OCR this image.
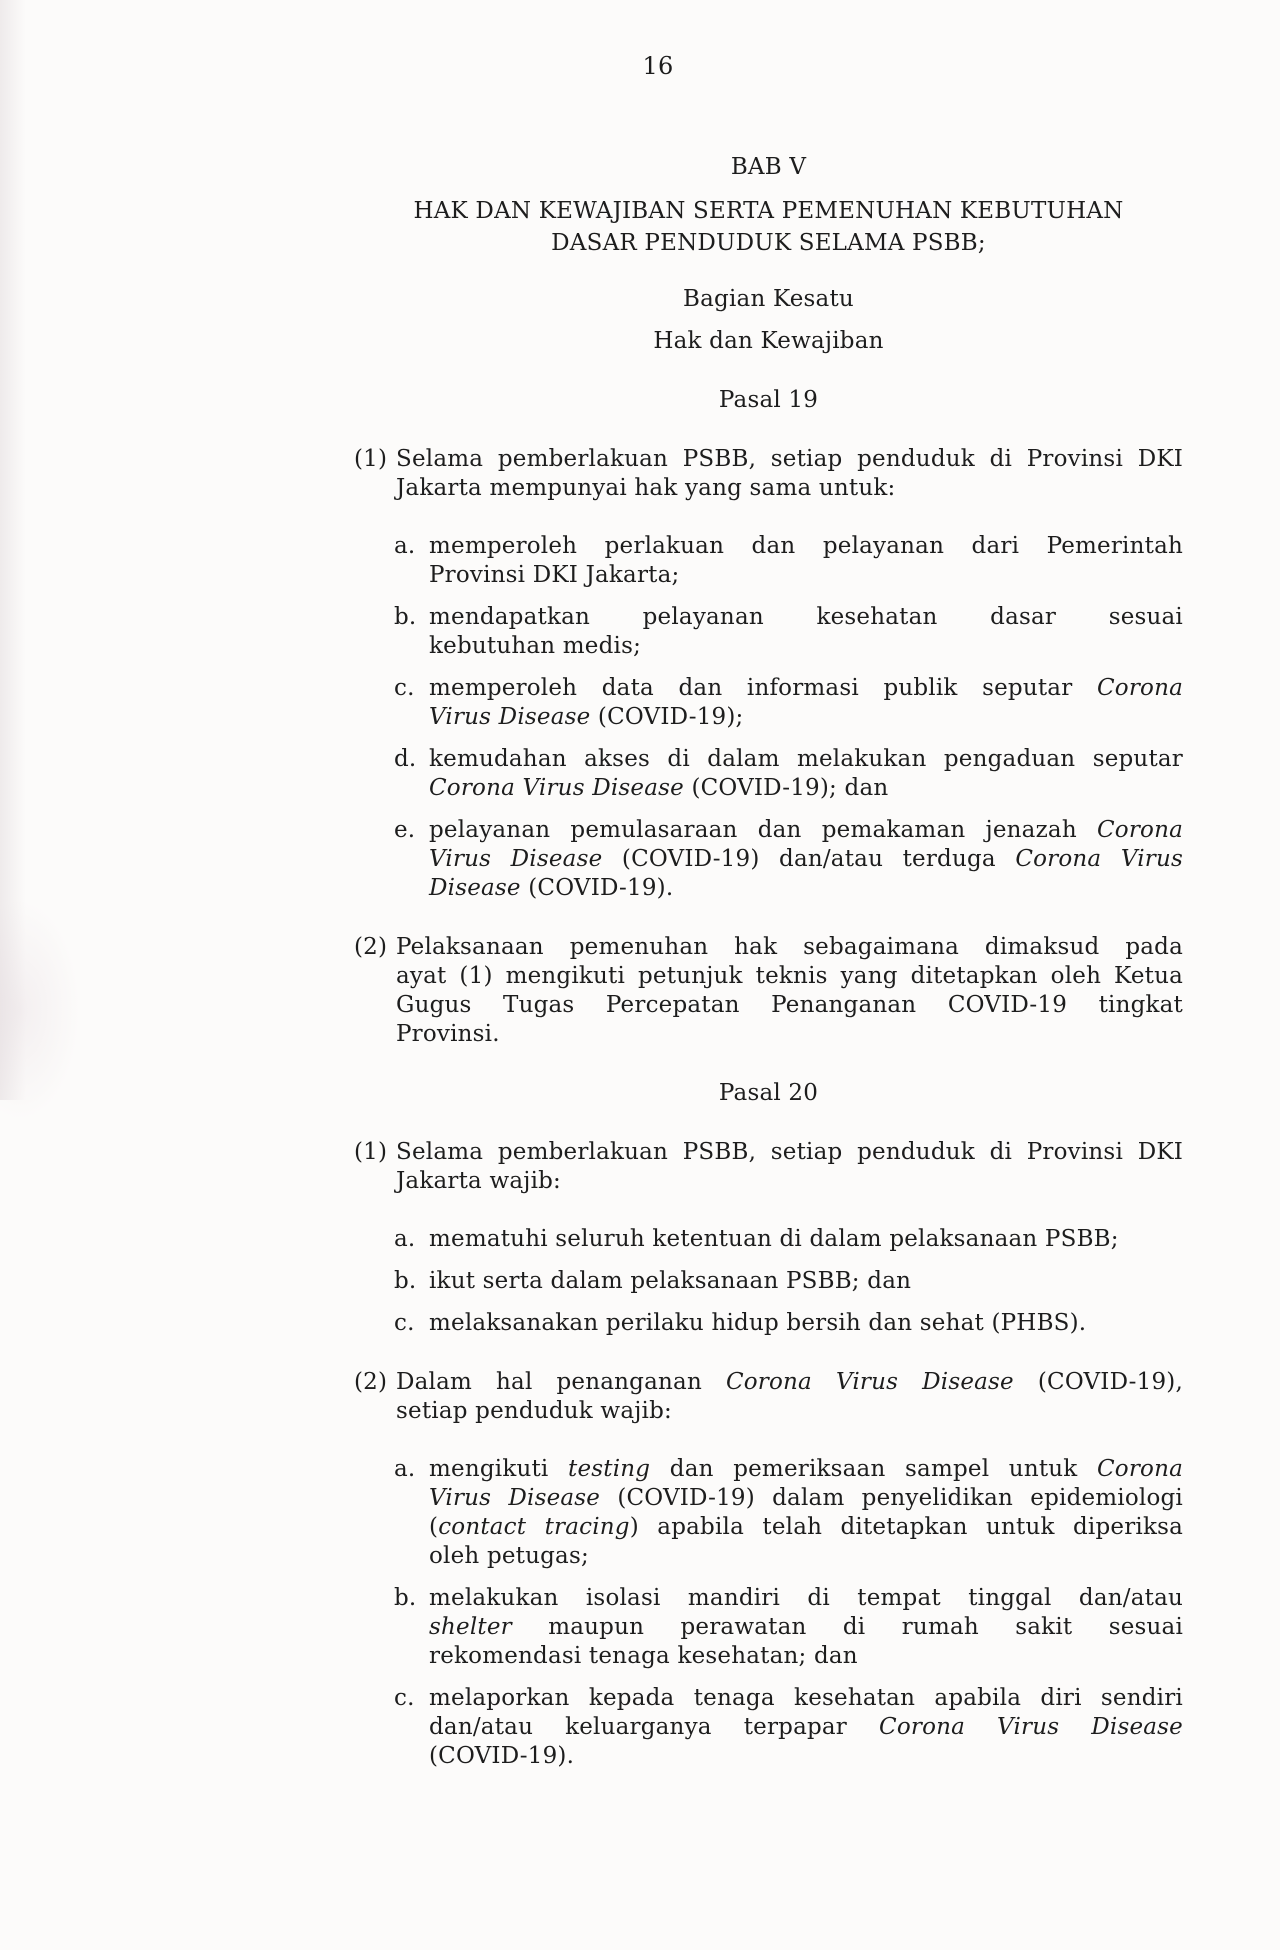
16
BAB V
HAK DAN KEWAJIBAN SERTA PEMENUHAN KEBUTUHAN
DASAR PENDUDUK SELAMA PSBB;
Bagian Kesatu
Hak dan Kewajiban
Pasal 19
(1) Selama pemberlakuan PSBB, setiap penduduk di Provinsi DKI
Jakarta mempunyai hak yang sama untuk:
a. memperoleh perlakuan dan pelayanan dari Pemerintah
Provinsi DKI Jakarta;
b. mendapatkan pelayanan kesehatan dasar sesuai
kebutuhan medis;
c. memperoleh data dan informasi publik seputar Corona
Virus Disease (COVID-19);
d. kemudahan akses di dalam melakukan pengaduan seputar
Corona Virus Disease (COVID-19); dan
e. pelayanan pemulasaraan dan pemakaman jenazah Corona
Virus Disease (COVID-19) dan/atau terduga Corona Virus
Disease (COVID-19).
(2) Pelaksanaan pemenuhan hak sebagaimana dimaksud pada
ayat (1) mengikuti petunjuk teknis yang ditetapkan oleh Ketua
Gugus Tugas Percepatan Penanganan COVID-19 tingkat
Provinsi.
Pasal 20
(1) Selama pemberlakuan PSBB, setiap penduduk di Provinsi DKI
Jakarta wajib:
a. mematuhi seluruh ketentuan di dalam pelaksanaan PSBB;
b. ikut serta dalam pelaksanaan PSBB; dan
c. melaksanakan perilaku hidup bersih dan sehat (PHBS).
(2) Dalam hal penanganan Corona Virus Disease (COVID-19),
setiap penduduk wajib:
a. mengikuti testing dan pemeriksaan sampel untuk Corona
Virus Disease (COVID-19) dalam penyelidikan epidemiologi
(contact tracing) apabila telah ditetapkan untuk diperiksa
oleh petugas;
b. melakukan isolasi mandiri di tempat tinggal dan/atau
shelter maupun perawatan di rumah sakit sesuai
rekomendasi tenaga kesehatan; dan
c. melaporkan kepada tenaga kesehatan apabila diri sendiri
dan/atau keluarganya terpapar Corona Virus Disease
(COVID-19).
